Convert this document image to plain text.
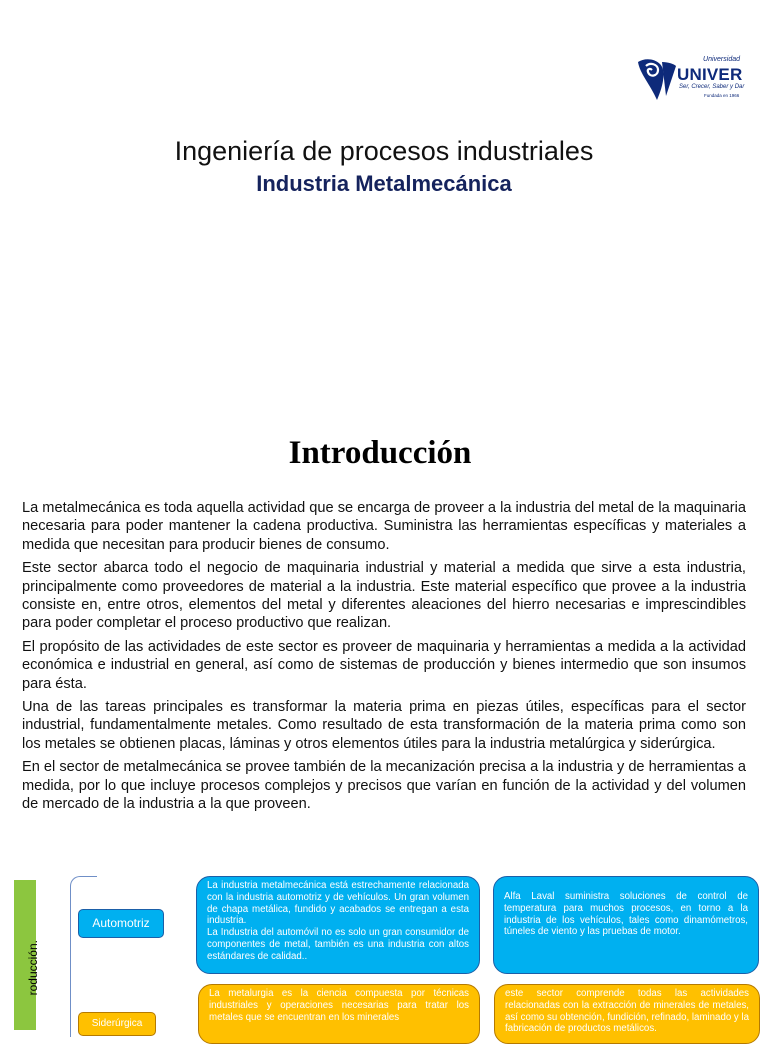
Universidad
UNIVER
Ser, Crecer, Saber y Dar
Fundada en 1966
Ingeniería de procesos industriales
Industria Metalmecánica
Introducción

La metalmecánica es toda aquella actividad que se encarga de proveer a la industria del metal de la maquinaria necesaria para poder mantener la cadena productiva. Suministra las herramientas específicas y materiales a medida que necesitan para producir bienes de consumo.

Este sector abarca todo el negocio de maquinaria industrial y material a medida que sirve a esta industria, principalmente como proveedores de material a la industria. Este material específico que provee a la industria consiste en, entre otros, elementos del metal y diferentes aleaciones del hierro necesarias e imprescindibles para poder completar el proceso productivo que realizan.

El propósito de las actividades de este sector es proveer de maquinaria y herramientas a medida a la actividad económica e industrial en general, así como de sistemas de producción y bienes intermedio que son insumos para ésta.

Una de las tareas principales es transformar la materia prima en piezas útiles, específicas para el sector industrial, fundamentalmente metales. Como resultado de esta transformación de la materia prima como son los metales se obtienen placas, láminas y otros elementos útiles para la industria metalúrgica y siderúrgica.

En el sector de metalmecánica se provee también de la mecanización precisa a la industria y de herramientas a medida, por lo que incluye procesos complejos y precisos que varían en función de la actividad y del volumen de mercado de la industria a la que proveen.

roducción.
Automotriz
Siderúrgica
La industria metalmecánica está estrechamente relacionada con la industria automotriz y de vehículos. Un gran volumen de chapa metálica, fundido y acabados se entregan a esta industria.
La Industria del automóvil no es solo un gran consumidor de componentes de metal, también es una industria con altos estándares de calidad..
Alfa Laval suministra soluciones de control de temperatura para muchos procesos, en torno a la industria de los vehículos, tales como dinamómetros, túneles de viento y las pruebas de motor.
La metalurgia es la ciencia compuesta por técnicas industriales y operaciones necesarias para tratar los metales que se encuentran en los minerales
este sector comprende todas las actividades relacionadas con la extracción de minerales de metales, así como su obtención, fundición, refinado, laminado y la fabricación de productos metálicos.
